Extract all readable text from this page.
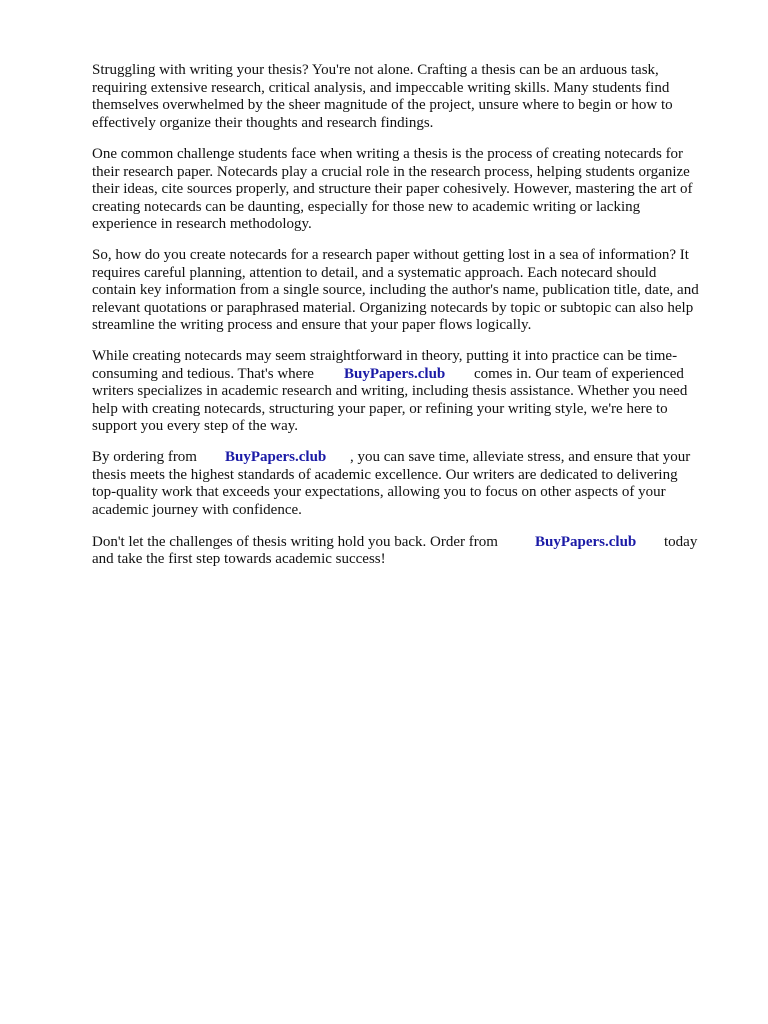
Struggling with writing your thesis? You're not alone. Crafting a thesis can be an arduous task,

requiring extensive research, critical analysis, and impeccable writing skills. Many students find

themselves overwhelmed by the sheer magnitude of the project, unsure where to begin or how to

effectively organize their thoughts and research findings.

One common challenge students face when writing a thesis is the process of creating notecards for

their research paper. Notecards play a crucial role in the research process, helping students organize

their ideas, cite sources properly, and structure their paper cohesively. However, mastering the art of

creating notecards can be daunting, especially for those new to academic writing or lacking

experience in research methodology.

So, how do you create notecards for a research paper without getting lost in a sea of information? It

requires careful planning, attention to detail, and a systematic approach. Each notecard should

contain key information from a single source, including the author's name, publication title, date, and

relevant quotations or paraphrased material. Organizing notecards by topic or subtopic can also help

streamline the writing process and ensure that your paper flows logically.

While creating notecards may seem straightforward in theory, putting it into practice can be time-

consuming and tedious. That's where BuyPapers.club comes in. Our team of experienced

writers specializes in academic research and writing, including thesis assistance. Whether you need

help with creating notecards, structuring your paper, or refining your writing style, we're here to

support you every step of the way.

By ordering from BuyPapers.club , you can save time, alleviate stress, and ensure that your

thesis meets the highest standards of academic excellence. Our writers are dedicated to delivering

top-quality work that exceeds your expectations, allowing you to focus on other aspects of your

academic journey with confidence.

Don't let the challenges of thesis writing hold you back. Order from BuyPapers.club today

and take the first step towards academic success!
